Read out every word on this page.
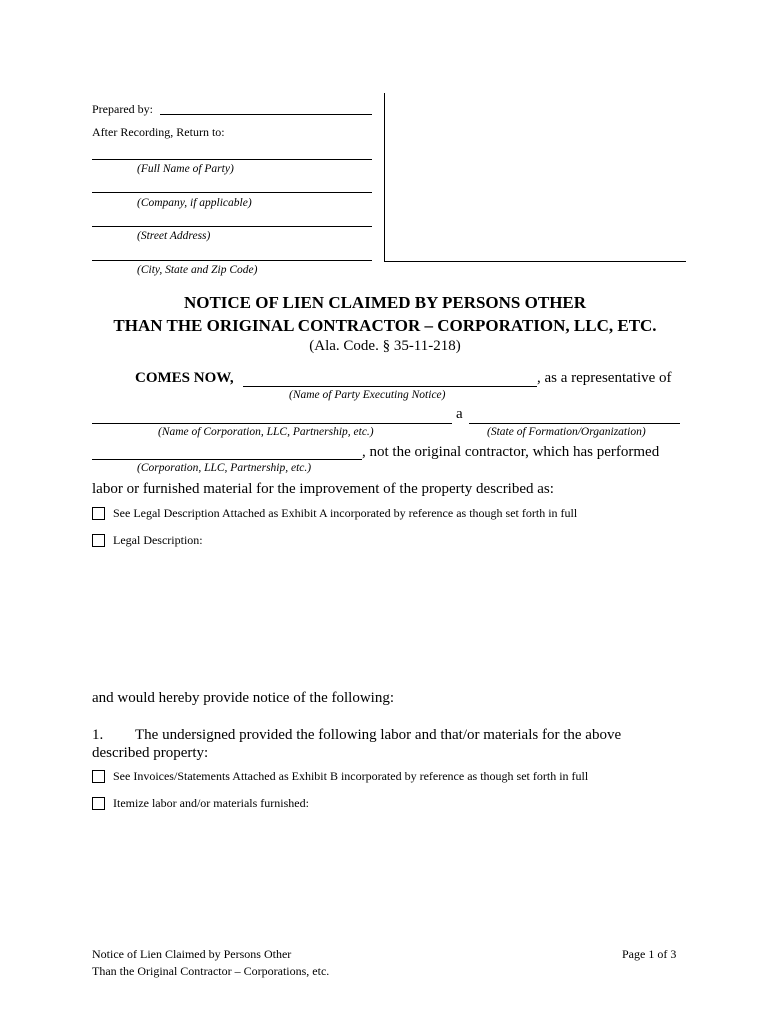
Prepared by:
After Recording, Return to:
(Full Name of Party)
(Company, if applicable)
(Street Address)
(City, State and Zip Code)
NOTICE OF LIEN CLAIMED BY PERSONS OTHER
THAN THE ORIGINAL CONTRACTOR – CORPORATION, LLC, ETC.
(Ala. Code. § 35-11-218)
COMES NOW,	, as a representative of
(Name of Party Executing Notice)
a
(Name of Corporation, LLC, Partnership, etc.)	(State of Formation/Organization)
, not the original contractor, which has performed
(Corporation, LLC, Partnership, etc.)
labor or furnished material for the improvement of the property described as:
See Legal Description Attached as Exhibit A incorporated by reference as though set forth in full
Legal Description:
and would hereby provide notice of the following:
1. The undersigned provided the following labor and that/or materials for the above
described property:
See Invoices/Statements Attached as Exhibit B incorporated by reference as though set forth in full
Itemize labor and/or materials furnished:
Notice of Lien Claimed by Persons Other
Than the Original Contractor – Corporations, etc.
Page 1 of 3
